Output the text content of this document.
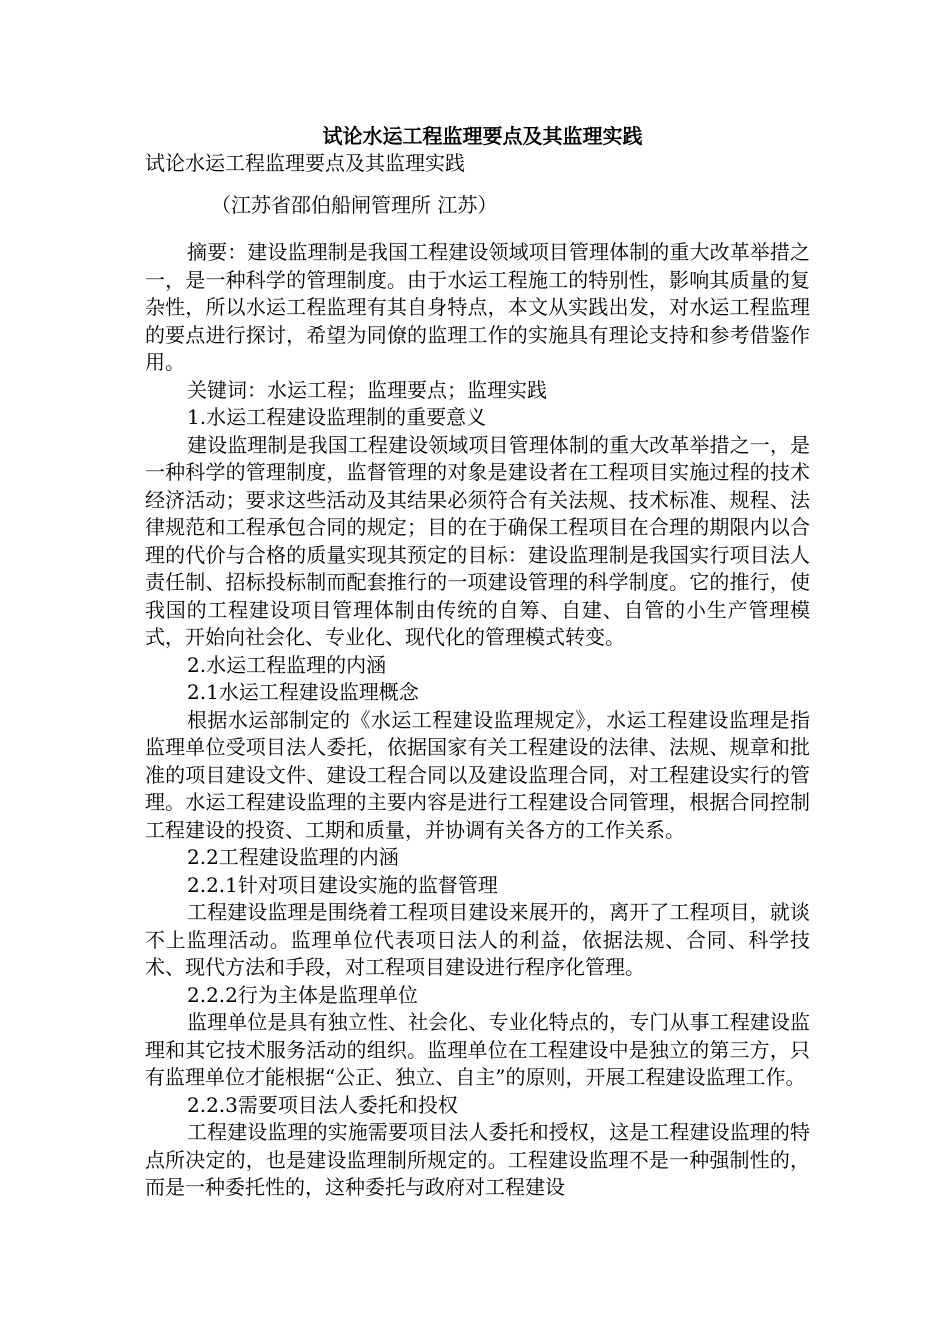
试论水运工程监理要点及其监理实践

试论水运工程监理要点及其监理实践

（江苏省邵伯船闸管理所 江苏）

摘要：建设监理制是我国工程建设领域项目管理体制的重大改革举措之一，是一种科学的管理制度。由于水运工程施工的特别性，影响其质量的复杂性，所以水运工程监理有其自身特点，本文从实践出发，对水运工程监理的要点进行探讨，希望为同僚的监理工作的实施具有理论支持和参考借鉴作用。

关键词：水运工程；监理要点；监理实践

1.水运工程建设监理制的重要意义

建设监理制是我国工程建设领域项目管理体制的重大改革举措之一，是一种科学的管理制度，监督管理的对象是建设者在工程项目实施过程的技术经济活动；要求这些活动及其结果必须符合有关法规、技术标准、规程、法律规范和工程承包合同的规定；目的在于确保工程项目在合理的期限内以合理的代价与合格的质量实现其预定的目标：建设监理制是我国实行项目法人责任制、招标投标制而配套推行的一项建设管理的科学制度。它的推行，使我国的工程建设项目管理体制由传统的自筹、自建、自管的小生产管理模式，开始向社会化、专业化、现代化的管理模式转变。

2.水运工程监理的内涵

2.1水运工程建设监理概念

根据水运部制定的《水运工程建设监理规定》，水运工程建设监理是指监理单位受项目法人委托，依据国家有关工程建设的法律、法规、规章和批准的项目建设文件、建设工程合同以及建设监理合同，对工程建设实行的管理。水运工程建设监理的主要内容是进行工程建设合同管理，根据合同控制工程建设的投资、工期和质量，并协调有关各方的工作关系。

2.2工程建设监理的内涵

2.2.1针对项目建设实施的监督管理

工程建设监理是围绕着工程项目建设来展开的，离开了工程项目，就谈不上监理活动。监理单位代表项日法人的利益，依据法规、合同、科学技术、现代方法和手段，对工程项目建设进行程序化管理。

2.2.2行为主体是监理单位

监理单位是具有独立性、社会化、专业化特点的，专门从事工程建设监理和其它技术服务活动的组织。监理单位在工程建设中是独立的第三方，只有监理单位才能根据“公正、独立、自主”的原则，开展工程建设监理工作。

2.2.3需要项目法人委托和投权

工程建设监理的实施需要项目法人委托和授权，这是工程建设监理的特点所决定的，也是建设监理制所规定的。工程建设监理不是一种强制性的，而是一种委托性的，这种委托与政府对工程建设
